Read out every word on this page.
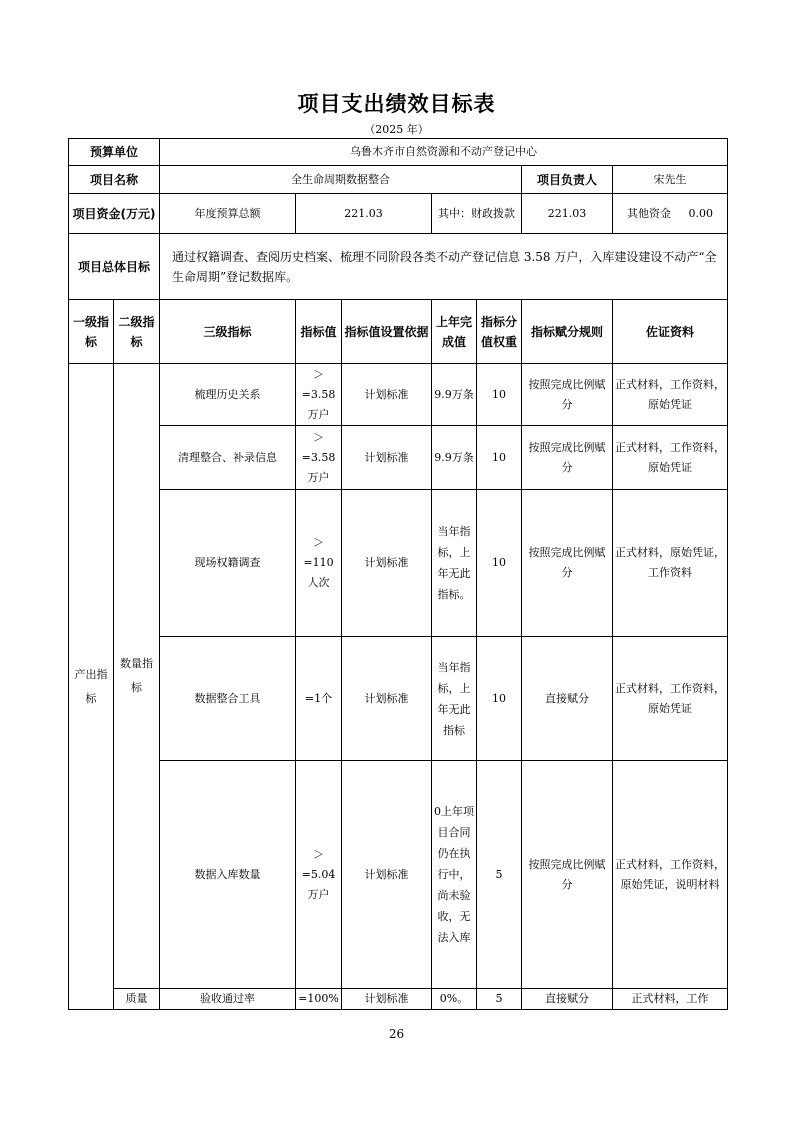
项目支出绩效目标表
（2025 年）
预算单位		乌鲁木齐市自然资源和不动产登记中心						
项目名称		全生命周期数据整合					项目负责人	宋先生
项目资金(万元)		年度预算总额	221.03		其中：财政拨款		221.03	其他资金 0.00
项目总体目标		通过权籍调查、查阅历史档案、梳理不同阶段各类不动产登记信息 3.58 万户，入库建设建设不动产“全生命周期”登记数据库。						
一级指标	二级指标	三级指标	指标值	指标值设置依据	上年完成值	指标分值权重	指标赋分规则	佐证资料
产出指标	数量指标	梳理历史关系	＞=3.58万户	计划标准	9.9万条	10	按照完成比例赋分	正式材料，工作资料，原始凭证
		清理整合、补录信息	＞=3.58万户	计划标准	9.9万条	10	按照完成比例赋分	正式材料，工作资料，原始凭证
		现场权籍调查	＞=110人次	计划标准	当年指标，上年无此指标。	10	按照完成比例赋分	正式材料，原始凭证，工作资料
		数据整合工具	=1个	计划标准	当年指标，上年无此指标	10	直接赋分	正式材料，工作资料，原始凭证
		数据入库数量	＞=5.04万户	计划标准	0上年项目合同仍在执行中，尚未验收，无法入库	5	按照完成比例赋分	正式材料，工作资料，原始凭证，说明材料
	质量	验收通过率	=100%	计划标准	0%。	5	直接赋分	正式材料，工作
26
